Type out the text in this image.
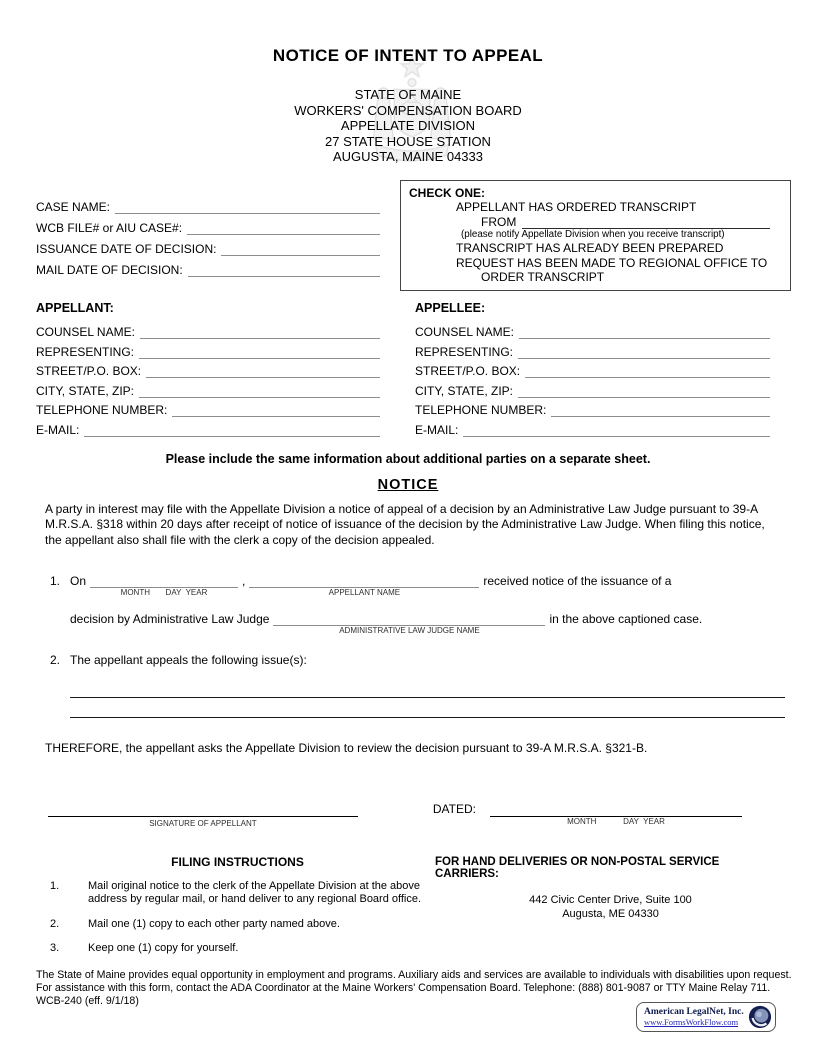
NOTICE OF INTENT TO APPEAL
STATE OF MAINE
WORKERS' COMPENSATION BOARD
APPELLATE DIVISION
27 STATE HOUSE STATION
AUGUSTA, MAINE 04333
CASE NAME:
WCB FILE# or AIU CASE#:
ISSUANCE DATE OF DECISION:
MAIL DATE OF DECISION:
CHECK ONE:
APPELLANT HAS ORDERED TRANSCRIPT
FROM
(please notify Appellate Division when you receive transcript)
TRANSCRIPT HAS ALREADY BEEN PREPARED
REQUEST HAS BEEN MADE TO REGIONAL OFFICE TO
ORDER TRANSCRIPT
APPELLANT:
COUNSEL NAME:
REPRESENTING:
STREET/P.O. BOX:
CITY, STATE, ZIP:
TELEPHONE NUMBER:
E-MAIL:
APPELLEE:
COUNSEL NAME:
REPRESENTING:
STREET/P.O. BOX:
CITY, STATE, ZIP:
TELEPHONE NUMBER:
E-MAIL:
Please include the same information about additional parties on a separate sheet.
NOTICE
A party in interest may file with the Appellate Division a notice of appeal of a decision by an Administrative Law Judge pursuant to 39-A M.R.S.A. §318 within 20 days after receipt of notice of issuance of the decision by the Administrative Law Judge. When filing this notice, the appellant also shall file with the clerk a copy of the decision appealed.
1. On
MONTH       DAY  YEAR
,
APPELLANT NAME
received notice of the issuance of a
decision by Administrative Law Judge
ADMINISTRATIVE LAW JUDGE NAME
in the above captioned case.
2. The appellant appeals the following issue(s):
THEREFORE, the appellant asks the Appellate Division to review the decision pursuant to 39-A M.R.S.A. §321-B.
SIGNATURE OF APPELLANT
DATED:
MONTH            DAY  YEAR
FILING INSTRUCTIONS
1.	Mail original notice to the clerk of the Appellate Division at the above address by regular mail, or hand deliver to any regional Board office.
2.	Mail one (1) copy to each other party named above.
3.	Keep one (1) copy for yourself.
FOR HAND DELIVERIES OR NON-POSTAL SERVICE CARRIERS:
442 Civic Center Drive, Suite 100
Augusta, ME 04330
The State of Maine provides equal opportunity in employment and programs. Auxiliary aids and services are available to individuals with disabilities upon request. For assistance with this form, contact the ADA Coordinator at the Maine Workers' Compensation Board. Telephone: (888) 801-9087 or TTY Maine Relay 711.
WCB-240 (eff. 9/1/18)
American LegalNet, Inc.
www.FormsWorkFlow.com
